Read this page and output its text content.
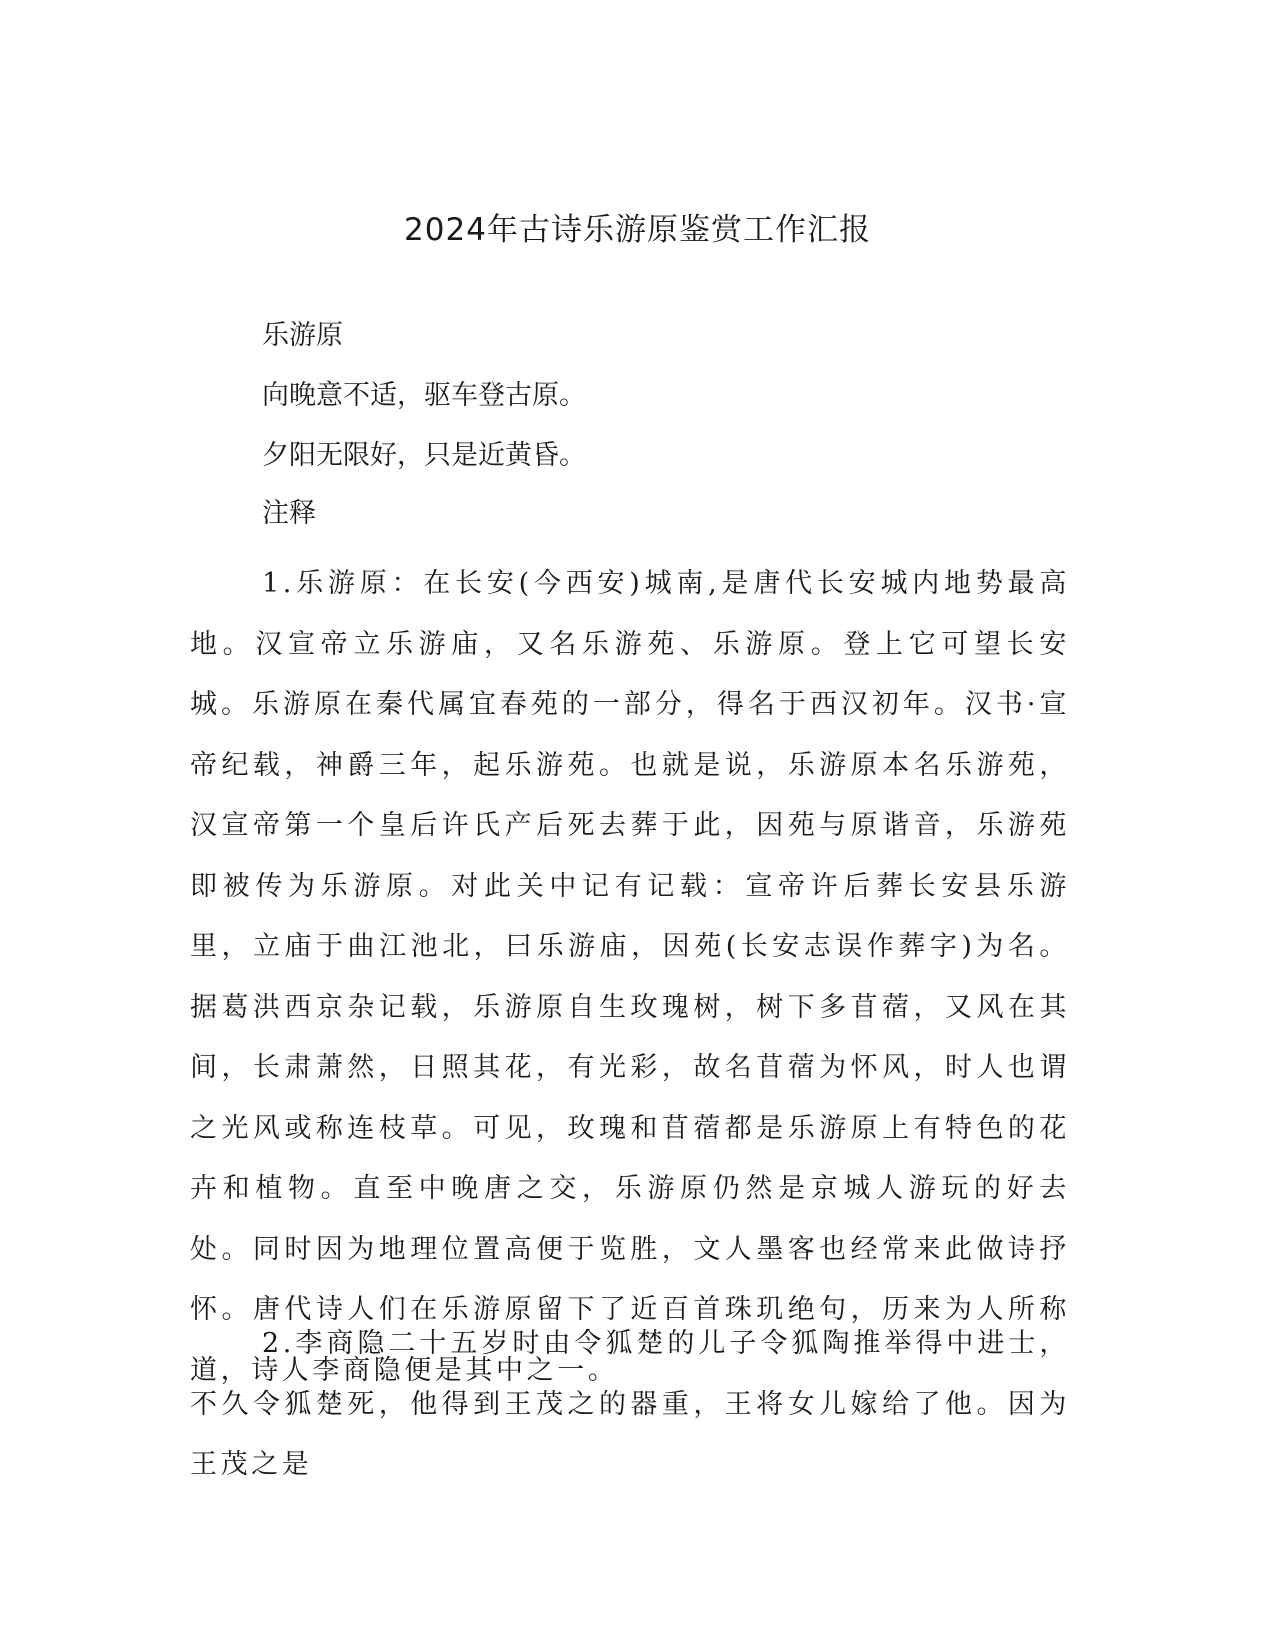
2024年古诗乐游原鉴赏工作汇报

乐游原

向晚意不适，驱车登古原。

夕阳无限好，只是近黄昏。

注释

1.乐游原：在长安(今西安)城南,是唐代长安城内地势最高地。汉宣帝立乐游庙，又名乐游苑、乐游原。登上它可望长安城。乐游原在秦代属宜春苑的一部分，得名于西汉初年。汉书·宣帝纪载，神爵三年，起乐游苑。也就是说，乐游原本名乐游苑，汉宣帝第一个皇后许氏产后死去葬于此，因苑与原谐音，乐游苑即被传为乐游原。对此关中记有记载：宣帝许后葬长安县乐游里，立庙于曲江池北，曰乐游庙，因苑(长安志误作葬字)为名。据葛洪西京杂记载，乐游原自生玫瑰树，树下多苜蓿，又风在其间，长肃萧然，日照其花，有光彩，故名苜蓿为怀风，时人也谓之光风或称连枝草。可见，玫瑰和苜蓿都是乐游原上有特色的花卉和植物。直至中晚唐之交，乐游原仍然是京城人游玩的好去处。同时因为地理位置高便于览胜，文人墨客也经常来此做诗抒怀。唐代诗人们在乐游原留下了近百首珠玑绝句，历来为人所称道，诗人李商隐便是其中之一。

2.李商隐二十五岁时由令狐楚的儿子令狐陶推举得中进士，不久令狐楚死，他得到王茂之的器重，王将女儿嫁给了他。因为王茂之是
